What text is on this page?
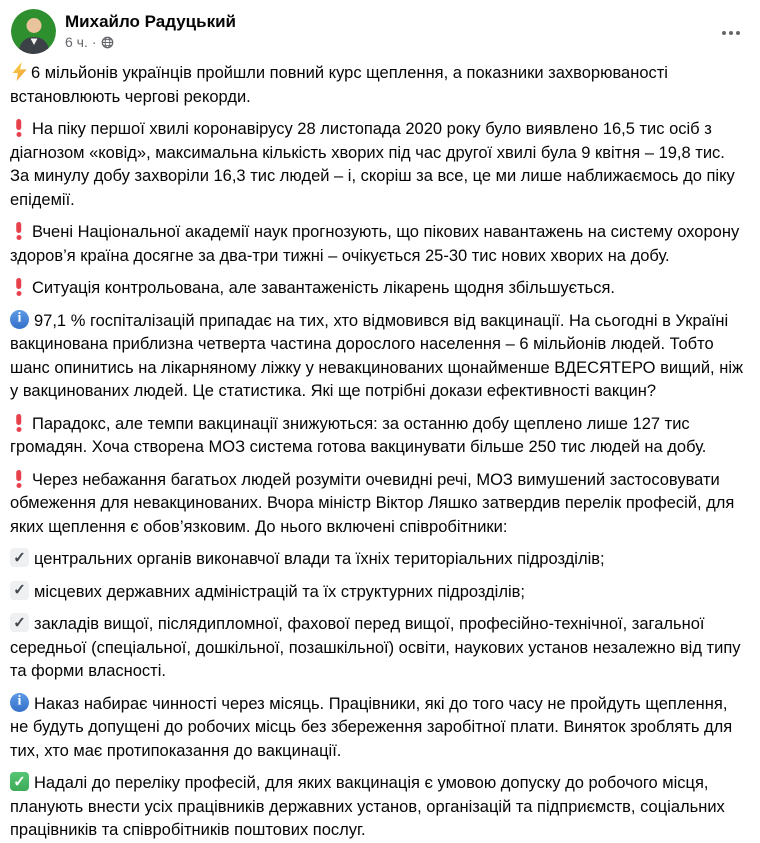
Михайло Радуцький
6 ч. ·

6 мільйонів українців пройшли повний курс щеплення, а показники захворюваності встановлюють чергові рекорди.

На піку першої хвилі коронавірусу 28 листопада 2020 року було виявлено 16,5 тис осіб з діагнозом «ковід», максимальна кількість хворих під час другої хвилі була 9 квітня – 19,8 тис. За минулу добу захворіли 16,3 тис людей – і, скоріш за все, це ми лише наближаємось до піку епідемії.

Вчені Національної академії наук прогнозують, що пікових навантажень на систему охорону здоров’я країна досягне за два-три тижні – очікується 25-30 тис нових хворих на добу.

Ситуація контрольована, але завантаженість лікарень щодня збільшується.

i97,1 % госпіталізацій припадає на тих, хто відмовився від вакцинації. На сьогодні в Україні вакцинована приблизна четверта частина дорослого населення – 6 мільйонів людей. Тобто шанс опинитись на лікарняному ліжку у невакцинованих щонайменше ВДЕСЯТЕРО вищий, ніж у вакцинованих людей. Це статистика. Які ще потрібні докази ефективності вакцин?

Парадокс, але темпи вакцинації знижуються: за останню добу щеплено лише 127 тис громадян. Хоча створена МОЗ система готова вакцинувати більше 250 тис людей на добу.

Через небажання багатьох людей розуміти очевидні речі, МОЗ вимушений застосовувати обмеження для невакцинованих. Вчора міністр Віктор Ляшко затвердив перелік професій, для яких щеплення є обов’язковим. До нього включені співробітники:

✓центральних органів виконавчої влади та їхніх територіальних підрозділів;

✓місцевих державних адміністрацій та їх структурних підрозділів;

✓закладів вищої, післядипломної, фахової перед вищої, професійно-технічної, загальної середньої (спеціальної, дошкільної, позашкільної) освіти, наукових установ незалежно від типу та форми власності.

iНаказ набирає чинності через місяць. Працівники, які до того часу не пройдуть щеплення, не будуть допущені до робочих місць без збереження заробітної плати. Виняток зроблять для тих, хто має протипоказання до вакцинації.

✓Надалі до переліку професій, для яких вакцинація є умовою допуску до робочого місця, планують внести усіх працівників державних установ, організацій та підприємств, соціальних працівників та співробітників поштових послуг.
